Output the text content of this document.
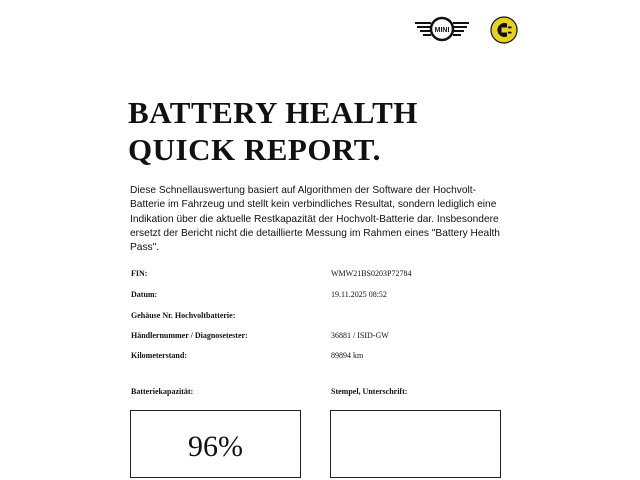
MINI
BATTERY HEALTH
QUICK REPORT.

Diese Schnellauswertung basiert auf Algorithmen der Software der Hochvolt-Batterie im Fahrzeug und stellt kein verbindliches Resultat, sondern lediglich eine Indikation über die aktuelle Restkapazität der Hochvolt-Batterie dar. Insbesondere ersetzt der Bericht nicht die detaillierte Messung im Rahmen eines "Battery Health Pass".

FIN:	WMW21BS0203P72784
Datum:	19.11.2025 08:52
Gehäuse Nr. Hochvoltbatterie:
Händlernummer / Diagnosetester:	36881 / ISID-GW
Kilometerstand:	89894 km
Batteriekapazität:	Stempel, Unterschrift:
96%
